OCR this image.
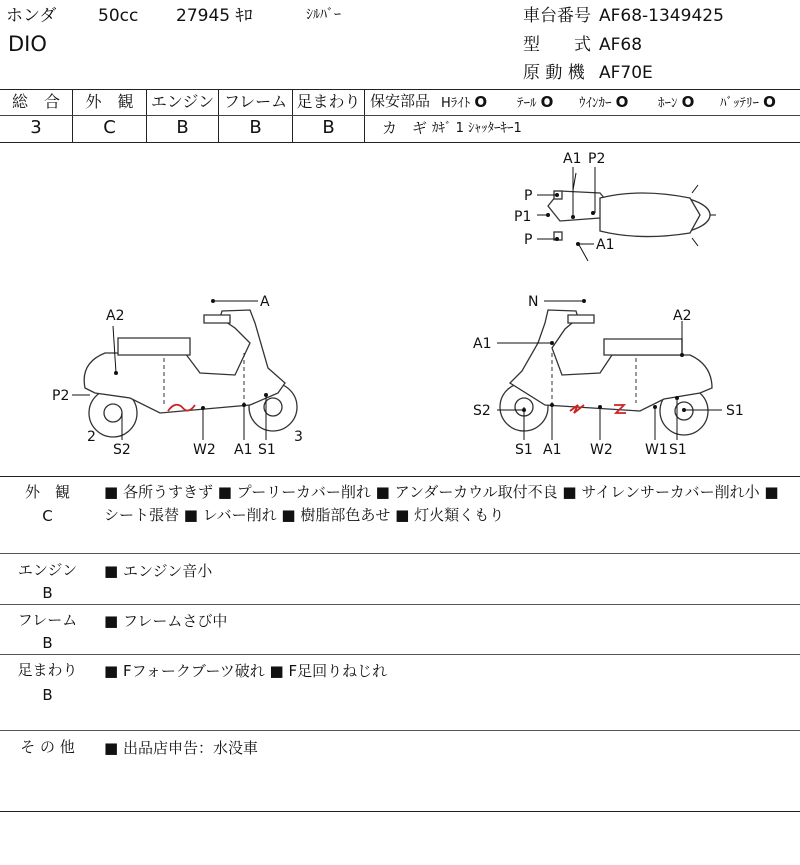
ホンダ 50cc 27945 ｷﾛ	ｼﾙﾊﾞｰ
DIO
車台番号 AF68-1349425
型　　式 AF68
原 動 機 AF70E
総　合	外　観	エンジン フレーム 足まわり
3	C	B	B	B
保安部品 Hﾗｲﾄ O ﾃｰﾙ O ｳｲﾝｶｰ O ﾎｰﾝ O ﾊﾞｯﾃﾘｰ O
カ　ギ ｶｷﾞ 1 ｼｬｯﾀｰｷｰ1
A1 P2
P
P1
P	A1
A2
A
P2
2
S2	W2 A1 S1
3
N
A2
A1
S2
S1
S1
A1 W2 W1 S1
外　観
C
■ 各所うすきず ■ プーリーカバー削れ ■ アンダーカウル取付不良 ■ サイレンサーカバー削れ小 ■ シート張替 ■ レバー削れ ■ 樹脂部色あせ ■ 灯火類くもり
エンジン
B
■ エンジン音小
フレーム
B
■ フレームさび中
足まわり
B
■ Fフォークブーツ破れ ■ F足回りねじれ
そ の 他	■ 出品店申告：水没車
